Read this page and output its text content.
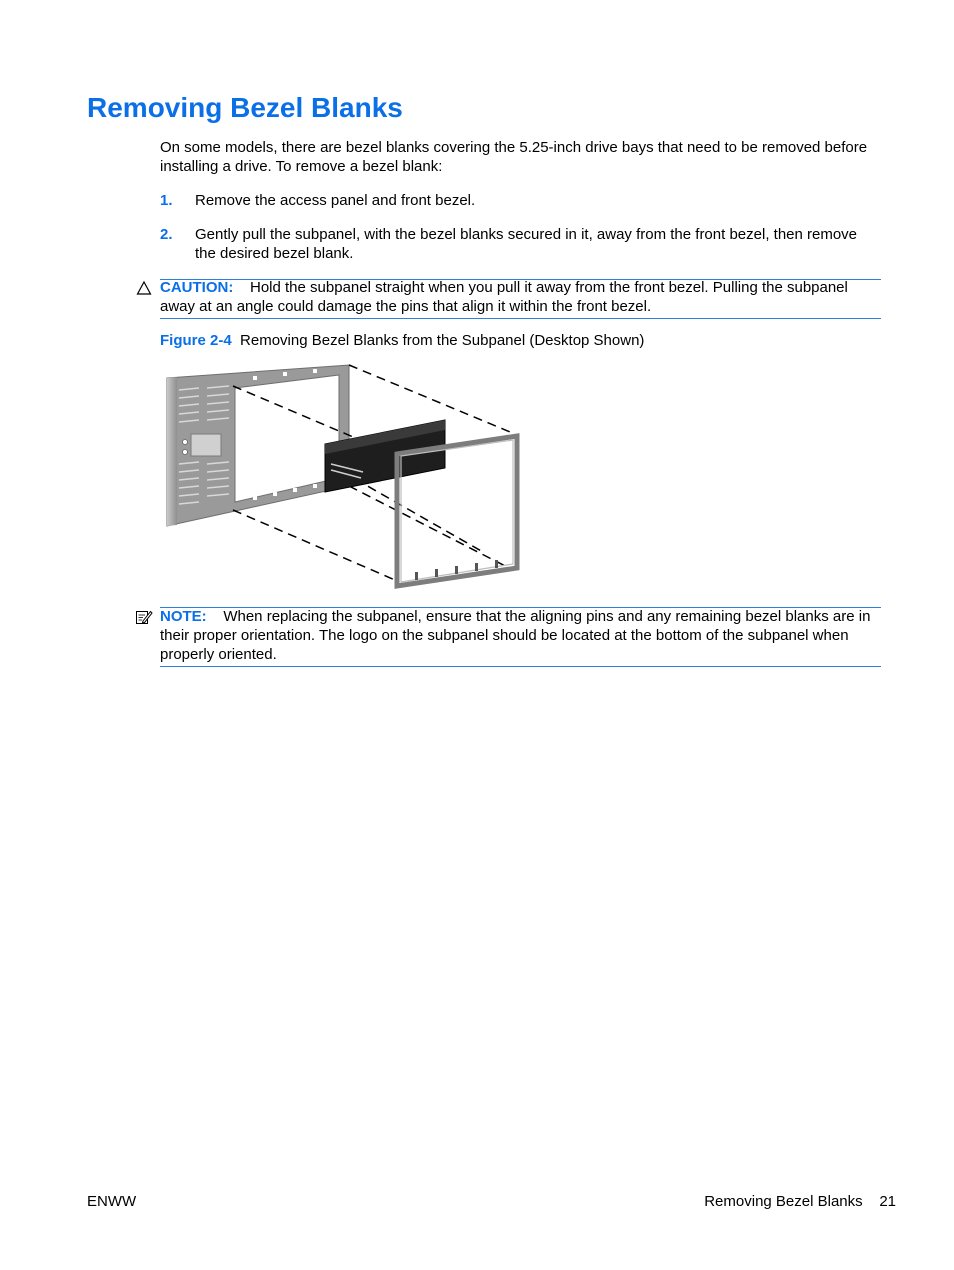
Removing Bezel Blanks
On some models, there are bezel blanks covering the 5.25-inch drive bays that need to be removed before installing a drive. To remove a bezel blank:
1. Remove the access panel and front bezel.
2. Gently pull the subpanel, with the bezel blanks secured in it, away from the front bezel, then remove the desired bezel blank.
CAUTION: Hold the subpanel straight when you pull it away from the front bezel. Pulling the subpanel away at an angle could damage the pins that align it within the front bezel.
Figure 2-4 Removing Bezel Blanks from the Subpanel (Desktop Shown)
NOTE: When replacing the subpanel, ensure that the aligning pins and any remaining bezel blanks are in their proper orientation. The logo on the subpanel should be located at the bottom of the subpanel when properly oriented.
ENWW	Removing Bezel Blanks 21
